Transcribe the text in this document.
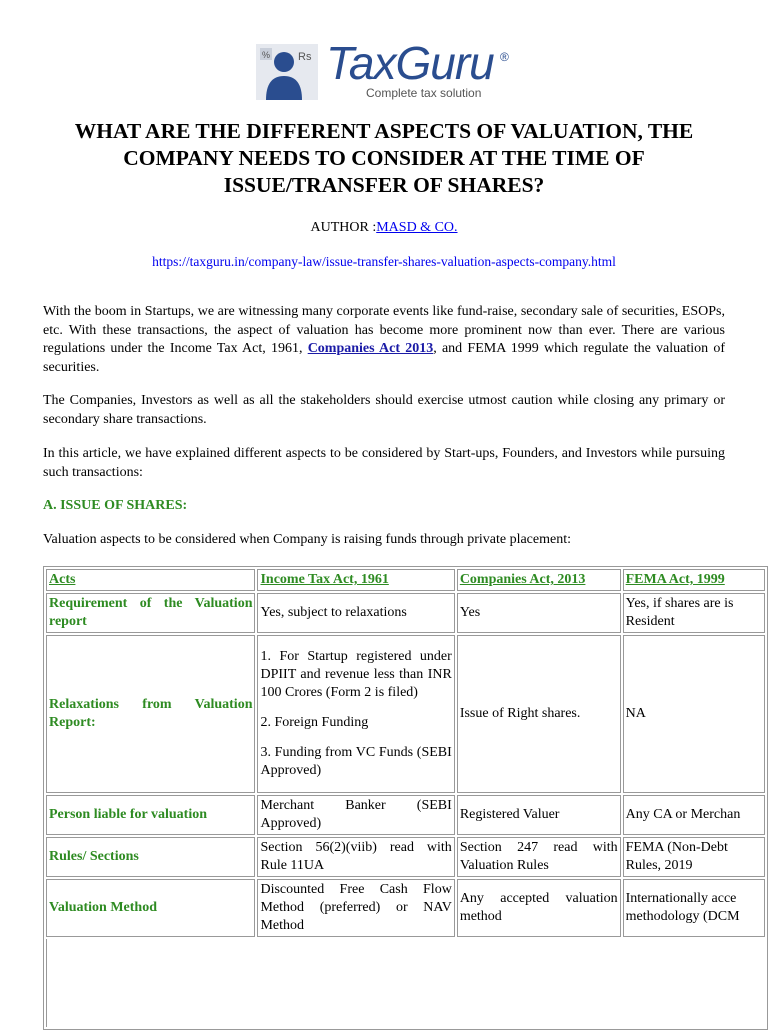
%	Rs TaxGuru ®
Complete tax solution
WHAT ARE THE DIFFERENT ASPECTS OF VALUATION, THE COMPANY NEEDS TO CONSIDER AT THE TIME OF ISSUE/TRANSFER OF SHARES?
AUTHOR :MASD & CO.
https://taxguru.in/company-law/issue-transfer-shares-valuation-aspects-company.html

With the boom in Startups, we are witnessing many corporate events like fund-raise, secondary sale of securities, ESOPs, etc. With these transactions, the aspect of valuation has become more prominent now than ever. There are various regulations under the Income Tax Act, 1961, Companies Act 2013, and FEMA 1999 which regulate the valuation of securities.

The Companies, Investors as well as all the stakeholders should exercise utmost caution while closing any primary or secondary share transactions.

In this article, we have explained different aspects to be considered by Start-ups, Founders, and Investors while pursuing such transactions:

A. ISSUE OF SHARES:

Valuation aspects to be considered when Company is raising funds through private placement:

Acts	Income Tax Act, 1961	Companies Act, 2013	FEMA Act, 1999
Requirement of the Valuation report	Yes, subject to relaxations	Yes	Yes, if shares are is Resident
Relaxations from Valuation Report:	1. For Startup registered under DPIIT and revenue less than INR 100 Crores (Form 2 is filed)

2. Foreign Funding

3. Funding from VC Funds (SEBI Approved)	Issue of Right shares.	NA
Person liable for valuation	Merchant Banker (SEBI Approved)	Registered Valuer	Any CA or Merchan
Rules/ Sections	Section 56(2)(viib) read with Rule 11UA	Section 247 read with Valuation Rules	FEMA (Non-Debt Rules, 2019
Valuation Method	Discounted Free Cash Flow Method (preferred) or NAV Method	Any accepted valuation method	Internationally acce methodology (DCM
